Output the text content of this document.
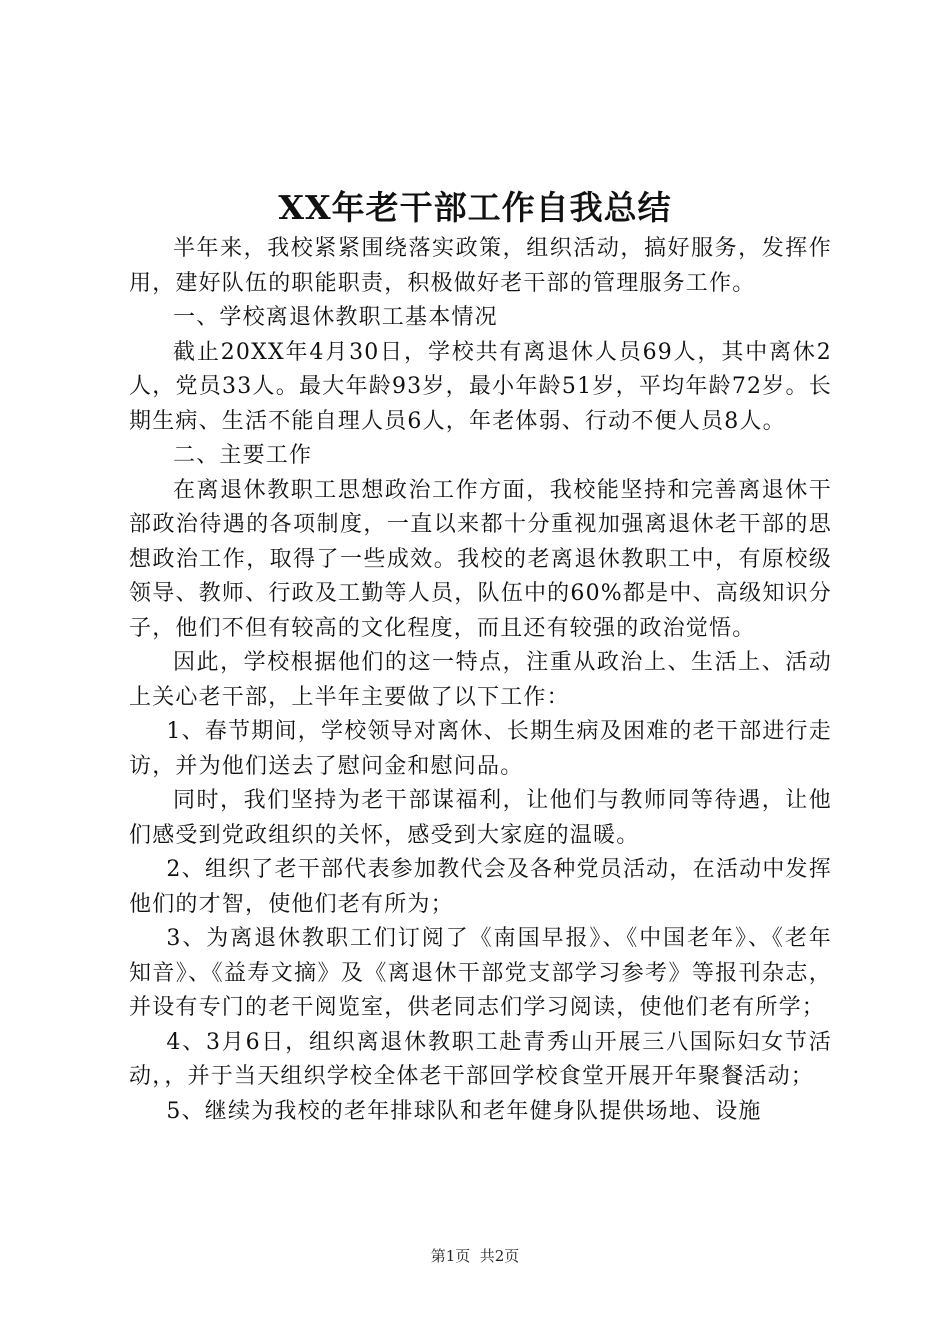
XX年老干部工作自我总结

半年来，我校紧紧围绕落实政策，组织活动，搞好服务，发挥作用，建好队伍的职能职责，积极做好老干部的管理服务工作。

一、学校离退休教职工基本情况

截止20XX年4月30日，学校共有离退休人员69人，其中离休2人，党员33人。最大年龄93岁，最小年龄51岁，平均年龄72岁。长期生病、生活不能自理人员6人，年老体弱、行动不便人员8人。

二、主要工作

在离退休教职工思想政治工作方面，我校能坚持和完善离退休干部政治待遇的各项制度，一直以来都十分重视加强离退休老干部的思想政治工作，取得了一些成效。我校的老离退休教职工中，有原校级领导、教师、行政及工勤等人员，队伍中的60%都是中、高级知识分子，他们不但有较高的文化程度，而且还有较强的政治觉悟。

因此，学校根据他们的这一特点，注重从政治上、生活上、活动上关心老干部，上半年主要做了以下工作：

1、春节期间，学校领导对离休、长期生病及困难的老干部进行走访，并为他们送去了慰问金和慰问品。

同时，我们坚持为老干部谋福利，让他们与教师同等待遇，让他们感受到党政组织的关怀，感受到大家庭的温暖。

2、组织了老干部代表参加教代会及各种党员活动，在活动中发挥他们的才智，使他们老有所为；

3、为离退休教职工们订阅了《南国早报》、《中国老年》、《老年知音》、《益寿文摘》及《离退休干部党支部学习参考》等报刊杂志，并设有专门的老干阅览室，供老同志们学习阅读，使他们老有所学；

4、3月6日，组织离退休教职工赴青秀山开展三八国际妇女节活动，，并于当天组织学校全体老干部回学校食堂开展开年聚餐活动；

5、继续为我校的老年排球队和老年健身队提供场地、设施

第1页  共2页
